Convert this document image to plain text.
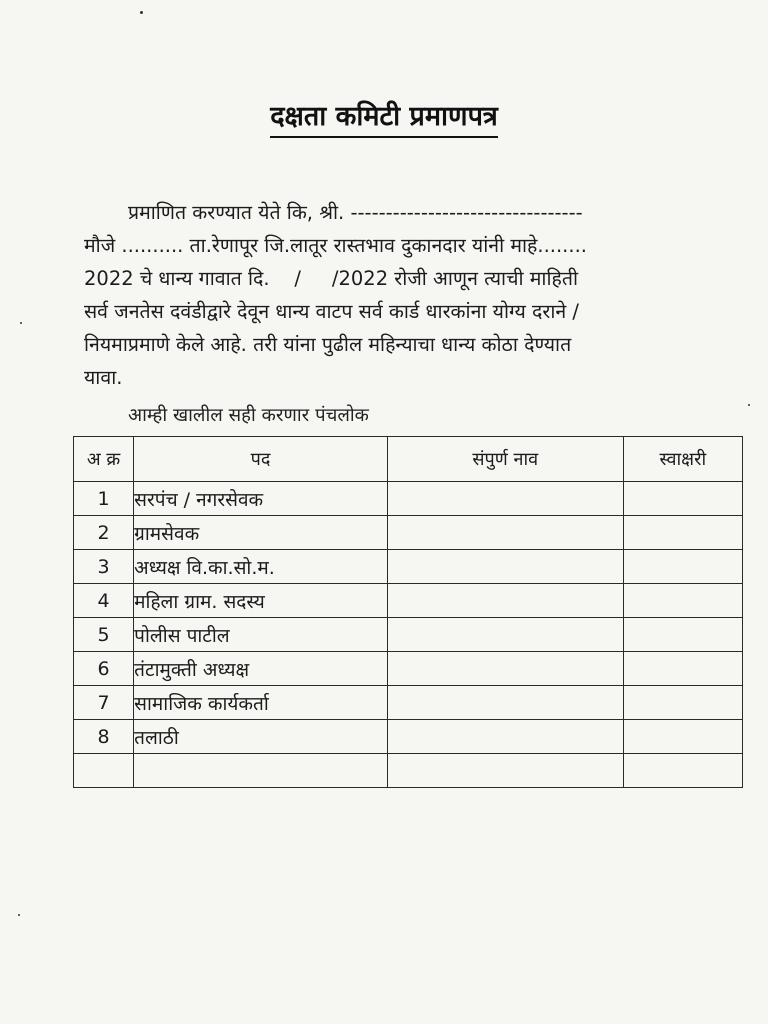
दक्षता कमिटी प्रमाणपत्र
प्रमाणित करण्यात येते कि, श्री. ---------------------------------
मौजे .......... ता.रेणापूर जि.लातूर रास्तभाव दुकानदार यांनी माहे........
2022 चे धान्य गावात दि.    /     /2022 रोजी आणून त्याची माहिती
सर्व जनतेस दवंडीद्वारे देवून धान्य वाटप सर्व कार्ड धारकांना योग्य दराने /
नियमाप्रमाणे केले आहे. तरी यांना पुढील महिन्याचा धान्य कोठा देण्यात
यावा.
आम्ही खालील सही करणार पंचलोक
अ क्र	पद	संपुर्ण नाव	स्वाक्षरी
1	सरपंच / नगरसेवक		
2	ग्रामसेवक		
3	अध्यक्ष वि.का.सो.म.		
4	महिला ग्राम. सदस्य		
5	पोलीस पाटील		
6	तंटामुक्ती अध्यक्ष		
7	सामाजिक कार्यकर्ता		
8	तलाठी		
